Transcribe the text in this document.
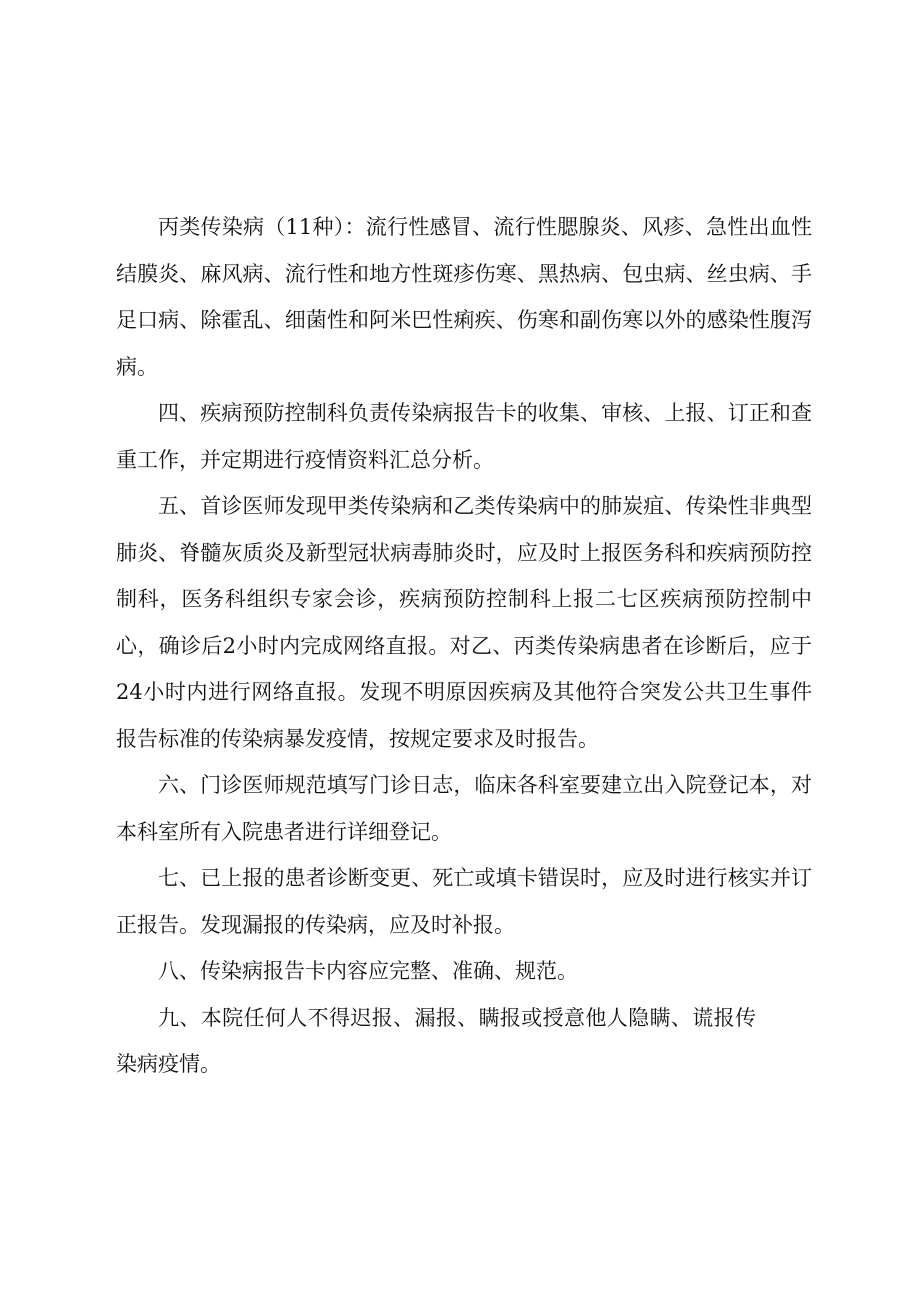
丙类传染病（11种）：流行性感冒、流行性腮腺炎、风疹、急性出血性结膜炎、麻风病、流行性和地方性斑疹伤寒、黑热病、包虫病、丝虫病、手足口病、除霍乱、细菌性和阿米巴性痢疾、伤寒和副伤寒以外的感染性腹泻病。

四、疾病预防控制科负责传染病报告卡的收集、审核、上报、订正和查重工作，并定期进行疫情资料汇总分析。

五、首诊医师发现甲类传染病和乙类传染病中的肺炭疽、传染性非典型肺炎、脊髓灰质炎及新型冠状病毒肺炎时，应及时上报医务科和疾病预防控制科，医务科组织专家会诊，疾病预防控制科上报二七区疾病预防控制中心，确诊后2小时内完成网络直报。对乙、丙类传染病患者在诊断后，应于24小时内进行网络直报。发现不明原因疾病及其他符合突发公共卫生事件报告标准的传染病暴发疫情，按规定要求及时报告。

六、门诊医师规范填写门诊日志，临床各科室要建立出入院登记本，对本科室所有入院患者进行详细登记。

七、已上报的患者诊断变更、死亡或填卡错误时，应及时进行核实并订正报告。发现漏报的传染病，应及时补报。

八、传染病报告卡内容应完整、准确、规范。

九、本院任何人不得迟报、漏报、瞒报或授意他人隐瞒、谎报传染病疫情。
